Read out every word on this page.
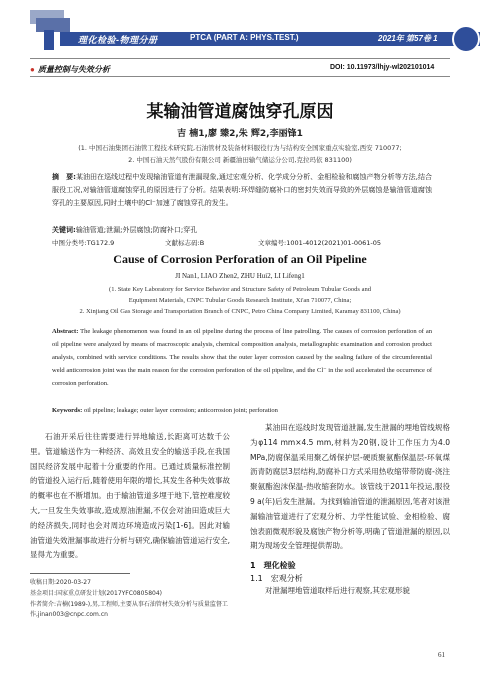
理化检验-物理分册	PTCA (PART A: PHYS.TEST.)	2021年 第57卷 1
● 质量控制与失效分析	DOI: 10.11973/lhjy-wl202101014
某输油管道腐蚀穿孔原因
吉 楠1,廖 臻2,朱 辉2,李丽锋1
(1. 中国石油集团石油管工程技术研究院,石油管材及装备材料服役行为与结构安全国家重点实验室,西安 710077;
2. 中国石油天然气股份有限公司 新疆油田输气储运分公司,克拉玛依 831100)
摘　要:某油田在巡线过程中发现输油管道有泄漏现象,通过宏观分析、化学成分分析、金相检验和腐蚀产物分析等方法,结合服役工况,对输油管道腐蚀穿孔的原因进行了分析。结果表明:环焊缝防腐补口的密封失效而导致的外层腐蚀是输油管道腐蚀穿孔的主要原因,同时土壤中的Cl⁻加速了腐蚀穿孔的发生。
关键词:输油管道;泄漏;外层腐蚀;防腐补口;穿孔
中图分类号:TG172.9	文献标志码:B	文章编号:1001-4012(2021)01-0061-05
Cause of Corrosion Perforation of an Oil Pipeline
JI Nan1, LIAO Zhen2, ZHU Hui2, LI Lifeng1
(1. State Key Laboratory for Service Behavior and Structure Safety of Petroleum Tubular Goods and
Equipment Materials, CNPC Tubular Goods Research Institute, Xi'an 710077, China;
2. Xinjiang Oil Gas Storage and Transportation Branch of CNPC, Petro China Company Limited, Karamay 831100, China)
Abstract: The leakage phenomenon was found in an oil pipeline during the process of line patrolling. The causes of corrosion perforation of an oil pipeline were analyzed by means of macroscopic analysis, chemical composition analysis, metallographic examination and corrosion product analysis, combined with service conditions. The results show that the outer layer corrosion caused by the sealing failure of the circumferential weld anticorrosion joint was the main reason for the corrosion perforation of the oil pipeline, and the Cl⁻ in the soil accelerated the occurrence of corrosion perforation.
Keywords: oil pipeline; leakage; outer layer corrosion; anticorrosion joint; perforation
石油开采后往往需要进行异地输送,长距离可达数千公里。管道输送作为一种经济、高效且安全的输送手段,在我国国民经济发展中起着十分重要的作用。已通过质量标准控制的管道投入运行后,随着使用年限的增长,其发生各种失效事故的概率也在不断增加。由于输油管道多埋于地下,管控难度较大,一旦发生失效事故,造成原油泄漏,不仅会对油田造成巨大的经济损失,同时也会对周边环境造成污染[1-6]。因此对输油管道失效泄漏事故进行分析与研究,确保输油管道运行安全,显得尤为重要。
某油田在巡线时发现管道泄漏,发生泄漏的埋地管线规格为φ114 mm×4.5 mm,材料为20钢,设计工作压力为4.0 MPa,防腐保温采用聚乙烯保护层-硬质聚氨酯保温层-环氧煤沥青防腐层3层结构,防腐补口方式采用热收缩带带防腐-浇注聚氨酯泡沫保温-热收缩套防水。该管线于2011年投运,服役9 a(年)后发生泄漏。为找到输油管道的泄漏原因,笔者对该泄漏输油管道进行了宏观分析、力学性能试验、金相检验、腐蚀表面微观形貌及腐蚀产物分析等,明确了管道泄漏的原因,以期为现场安全管理提供帮助。
1　理化检验
1.1　宏观分析
对泄漏埋地管道取样后进行观察,其宏观形貌
收稿日期:2020-03-27
基金项目:国家重点研发计划(2017YFC0805804)
作者简介:吉楠(1989-),男,工程师,主要从事石油管材失效分析与质量监督工作,jinan003@cnpc.com.cn
61
